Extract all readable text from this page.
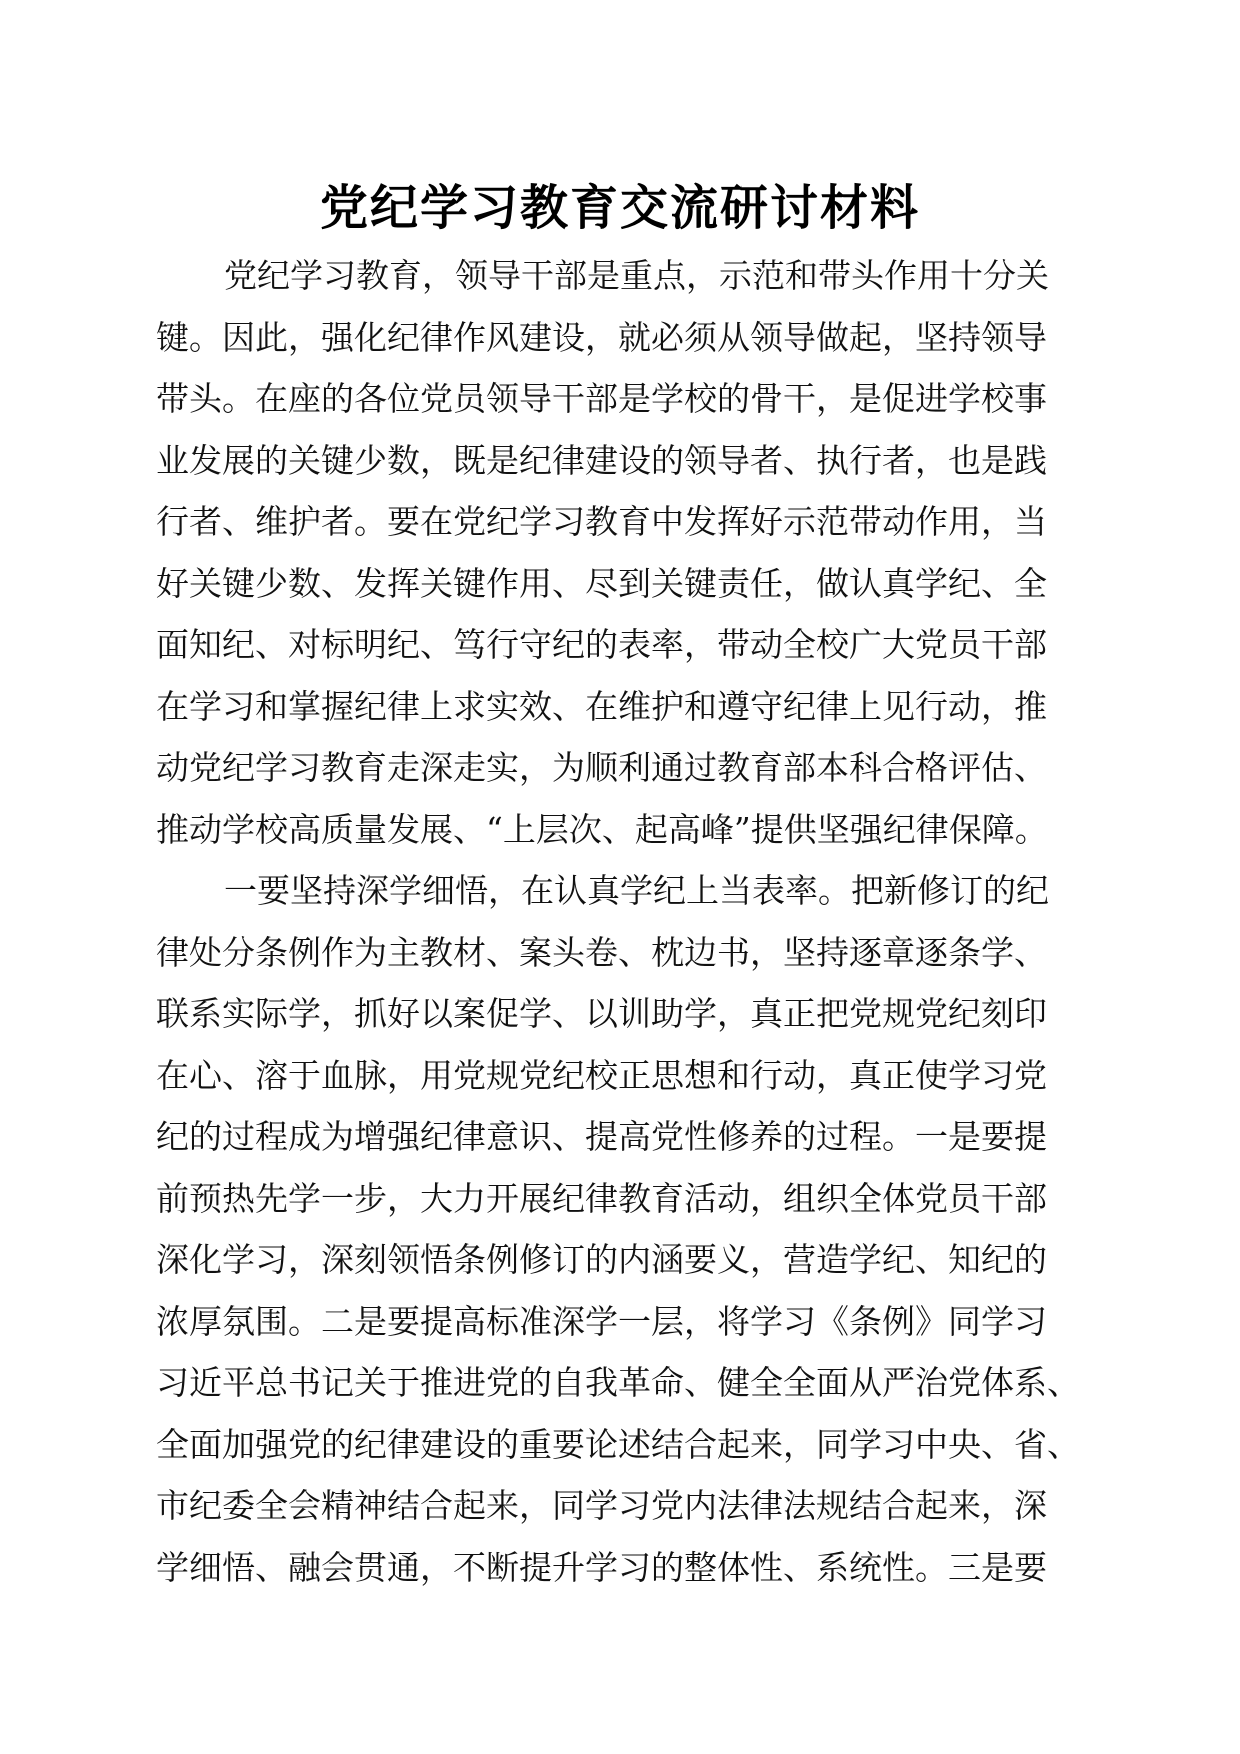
党纪学习教育交流研讨材料
党纪学习教育，领导干部是重点，示范和带头作用十分关
键。因此，强化纪律作风建设，就必须从领导做起，坚持领导
带头。在座的各位党员领导干部是学校的骨干，是促进学校事
业发展的关键少数，既是纪律建设的领导者、执行者，也是践
行者、维护者。要在党纪学习教育中发挥好示范带动作用，当
好关键少数、发挥关键作用、尽到关键责任，做认真学纪、全
面知纪、对标明纪、笃行守纪的表率，带动全校广大党员干部
在学习和掌握纪律上求实效、在维护和遵守纪律上见行动，推
动党纪学习教育走深走实，为顺利通过教育部本科合格评估、
推动学校高质量发展、“上层次、起高峰”提供坚强纪律保障。
一要坚持深学细悟，在认真学纪上当表率。把新修订的纪
律处分条例作为主教材、案头卷、枕边书，坚持逐章逐条学、
联系实际学，抓好以案促学、以训助学，真正把党规党纪刻印
在心、溶于血脉，用党规党纪校正思想和行动，真正使学习党
纪的过程成为增强纪律意识、提高党性修养的过程。一是要提
前预热先学一步，大力开展纪律教育活动，组织全体党员干部
深化学习，深刻领悟条例修订的内涵要义，营造学纪、知纪的
浓厚氛围。二是要提高标准深学一层，将学习《条例》同学习
习近平总书记关于推进党的自我革命、健全全面从严治党体系、
全面加强党的纪律建设的重要论述结合起来，同学习中央、省、
市纪委全会精神结合起来，同学习党内法律法规结合起来，深
学细悟、融会贯通，不断提升学习的整体性、系统性。三是要
